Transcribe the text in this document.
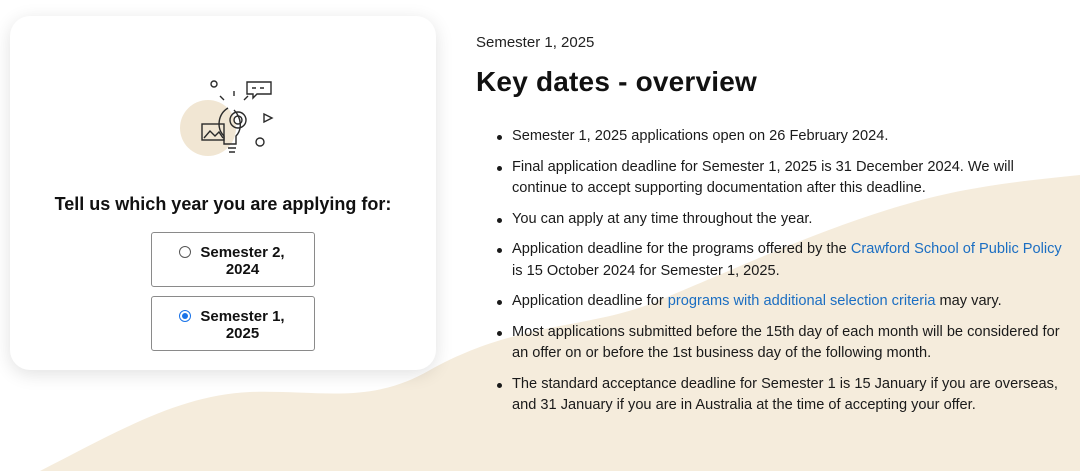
Tell us which year you are applying for:
Semester 2, 2024
Semester 1, 2025
Semester 1, 2025
Key dates - overview
Semester 1, 2025 applications open on 26 February 2024.
Final application deadline for Semester 1, 2025 is 31 December 2024. We will continue to accept supporting documentation after this deadline.
You can apply at any time throughout the year.
Application deadline for the programs offered by the Crawford School of Public Policy is 15 October 2024 for Semester 1, 2025.
Application deadline for programs with additional selection criteria may vary.
Most applications submitted before the 15th day of each month will be considered for an offer on or before the 1st business day of the following month.
The standard acceptance deadline for Semester 1 is 15 January if you are overseas, and 31 January if you are in Australia at the time of accepting your offer.
